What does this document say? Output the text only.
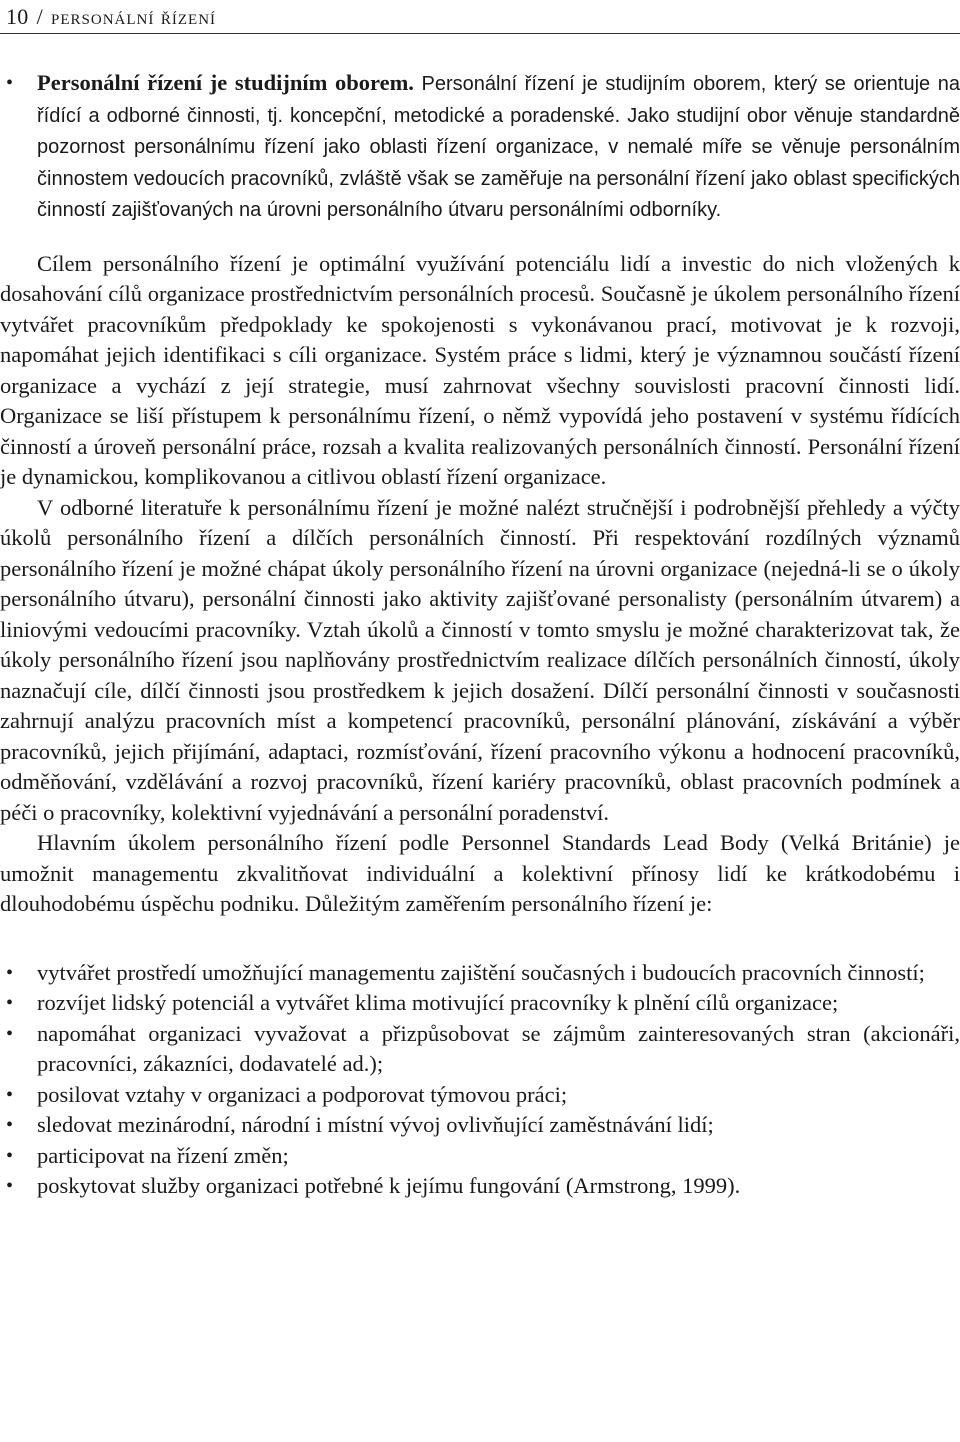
10 / personální řízení
• Personální řízení je studijním oborem. Personální řízení je studijním oborem, který se orientuje na řídící a odborné činnosti, tj. koncepční, metodické a poradenské. Jako studijní obor věnuje standardně pozornost personálnímu řízení jako oblasti řízení organizace, v nemalé míře se věnuje personálním činnostem vedoucích pracovníků, zvláště však se zaměřuje na personální řízení jako oblast specifických činností zajišťovaných na úrovni personálního útvaru personálními odborníky.

Cílem personálního řízení je optimální využívání potenciálu lidí a investic do nich vložených k dosahování cílů organizace prostřednictvím personálních procesů. Současně je úkolem personálního řízení vytvářet pracovníkům předpoklady ke spokojenosti s vykonávanou prací, motivovat je k rozvoji, napomáhat jejich identifikaci s cíli organizace. Systém práce s lidmi, který je významnou součástí řízení organizace a vychází z její strategie, musí zahrnovat všechny souvislosti pracovní činnosti lidí. Organizace se liší přístupem k personálnímu řízení, o němž vypovídá jeho postavení v systému řídících činností a úroveň personální práce, rozsah a kvalita realizovaných personálních činností. Personální řízení je dynamickou, komplikovanou a citlivou oblastí řízení organizace.

V odborné literatuře k personálnímu řízení je možné nalézt stručnější i podrobnější přehledy a výčty úkolů personálního řízení a dílčích personálních činností. Při respektování rozdílných významů personálního řízení je možné chápat úkoly personálního řízení na úrovni organizace (nejedná-li se o úkoly personálního útvaru), personální činnosti jako aktivity zajišťované personalisty (personálním útvarem) a liniovými vedoucími pracovníky. Vztah úkolů a činností v tomto smyslu je možné charakterizovat tak, že úkoly personálního řízení jsou naplňovány prostřednictvím realizace dílčích personálních činností, úkoly naznačují cíle, dílčí činnosti jsou prostředkem k jejich dosažení. Dílčí personální činnosti v současnosti zahrnují analýzu pracovních míst a kompetencí pracovníků, personální plánování, získávání a výběr pracovníků, jejich přijímání, adaptaci, rozmísťování, řízení pracovního výkonu a hodnocení pracovníků, odměňování, vzdělávání a rozvoj pracovníků, řízení kariéry pracovníků, oblast pracovních podmínek a péči o pracovníky, kolektivní vyjednávání a personální poradenství.

Hlavním úkolem personálního řízení podle Personnel Standards Lead Body (Velká Británie) je umožnit managementu zkvalitňovat individuální a kolektivní přínosy lidí ke krátkodobému i dlouhodobému úspěchu podniku. Důležitým zaměřením personálního řízení je:

• vytvářet prostředí umožňující managementu zajištění současných i budoucích pracovních činností;
• rozvíjet lidský potenciál a vytvářet klima motivující pracovníky k plnění cílů organizace;
• napomáhat organizaci vyvažovat a přizpůsobovat se zájmům zainteresovaných stran (akcionáři, pracovníci, zákazníci, dodavatelé ad.);
• posilovat vztahy v organizaci a podporovat týmovou práci;
• sledovat mezinárodní, národní i místní vývoj ovlivňující zaměstnávání lidí;
• participovat na řízení změn;
• poskytovat služby organizaci potřebné k jejímu fungování (Armstrong, 1999).
